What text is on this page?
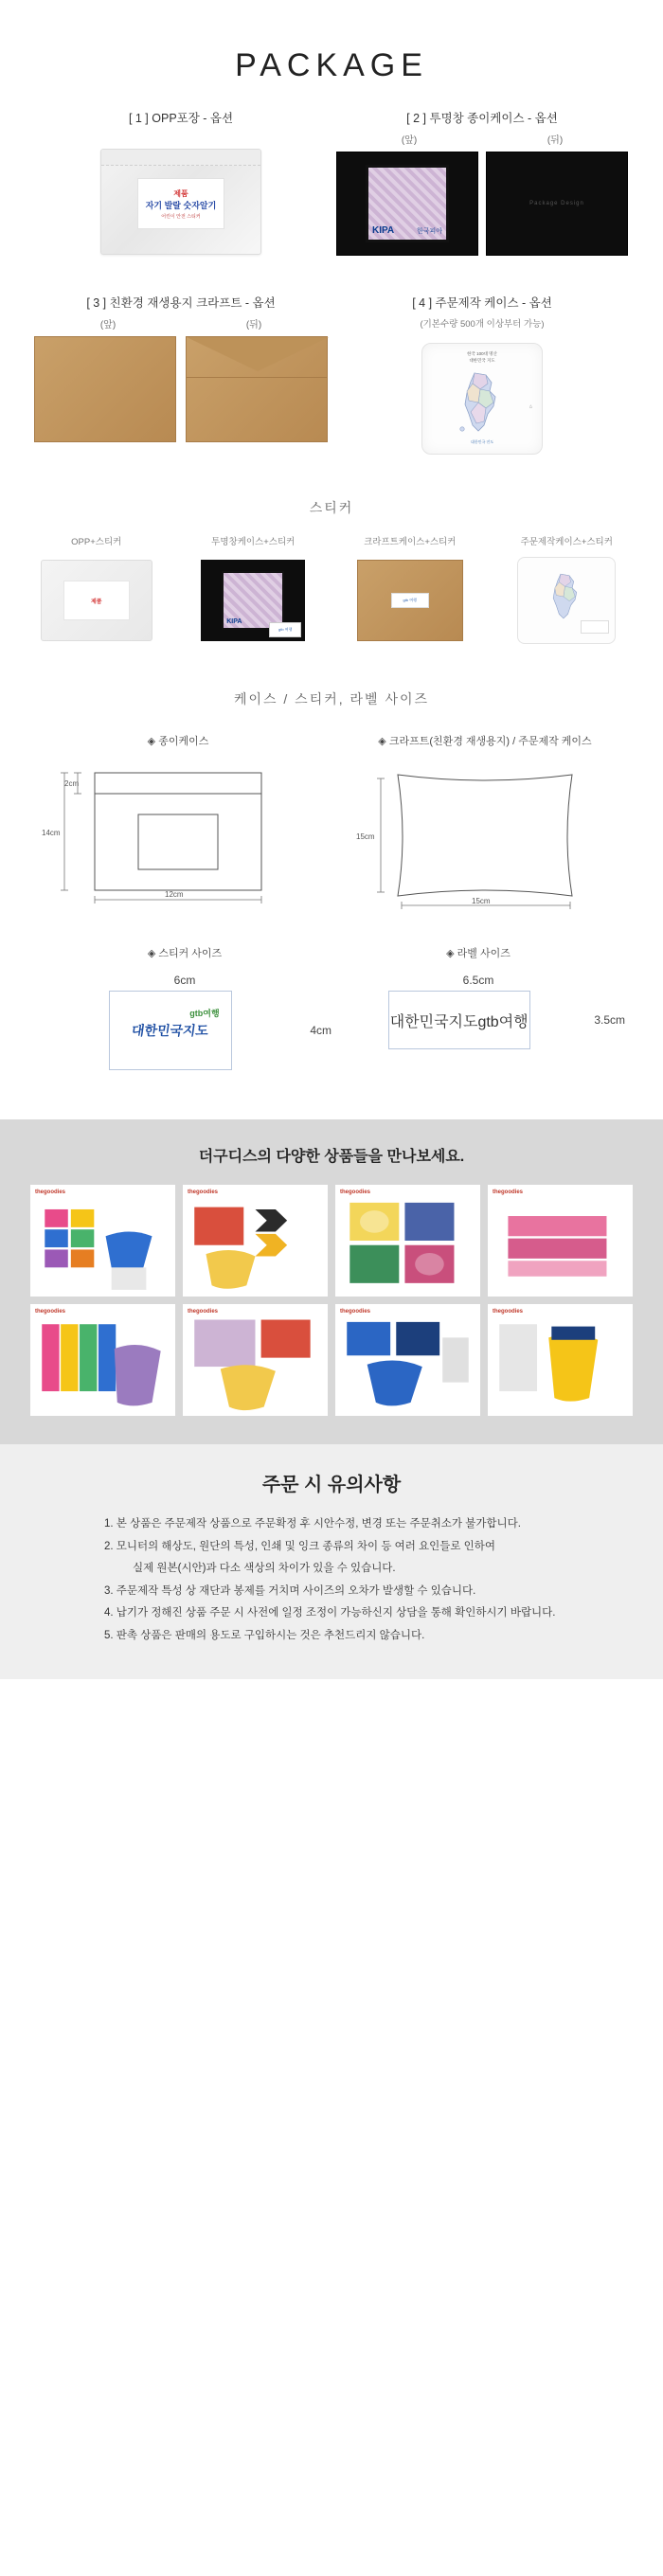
PACKAGE
[ 1 ] OPP포장 - 옵션
제품
자기 발랄 숫자알기
어린이 안전 스티커
[ 2 ] 투명창 종이케이스 - 옵션
(앞)	(뒤)
KIPA	한국피아
Package Design
[ 3 ] 친환경 재생용지 크라프트 - 옵션
(앞)	(뒤)
[ 4 ] 주문제작 케이스 - 옵션
(기본수량 500개 이상부터 가능)
한국 100대 명산
대한민국 지도
△
대한민국 전도
스티커
OPP+스티커
제품
투명창케이스+스티커
KIPA
gtb 여행
크라프트케이스+스티커
gtb 여행
주문제작케이스+스티커
케이스 / 스티커, 라벨 사이즈
◈ 종이케이스
2cm
14cm
12cm
◈ 크라프트(친환경 재생용지) / 주문제작 케이스
15cm
15cm
◈ 스티커 사이즈
6cm
대한민국지도
gtb여행
4cm
◈ 라벨 사이즈
6.5cm
대한민국지도 gtb여행	3.5cm
더구디스의 다양한 상품들을 만나보세요.
thegoodies	thegoodies	thegoodies	thegoodies
thegoodies	thegoodies	thegoodies	thegoodies
주문 시 유의사항
1. 본 상품은 주문제작 상품으로 주문확정 후 시안수정, 변경 또는 주문취소가 불가합니다.
2. 모니터의 해상도, 원단의 특성, 인쇄 및 잉크 종류의 차이 등 여러 요인들로 인하여
실제 원본(시안)과 다소 색상의 차이가 있을 수 있습니다.
3. 주문제작 특성 상 재단과 봉제를 거치며 사이즈의 오차가 발생할 수 있습니다.
4. 납기가 정해진 상품 주문 시 사전에 일정 조정이 가능하신지 상담을 통해 확인하시기 바랍니다.
5. 판촉 상품은 판매의 용도로 구입하시는 것은 추천드리지 않습니다.
